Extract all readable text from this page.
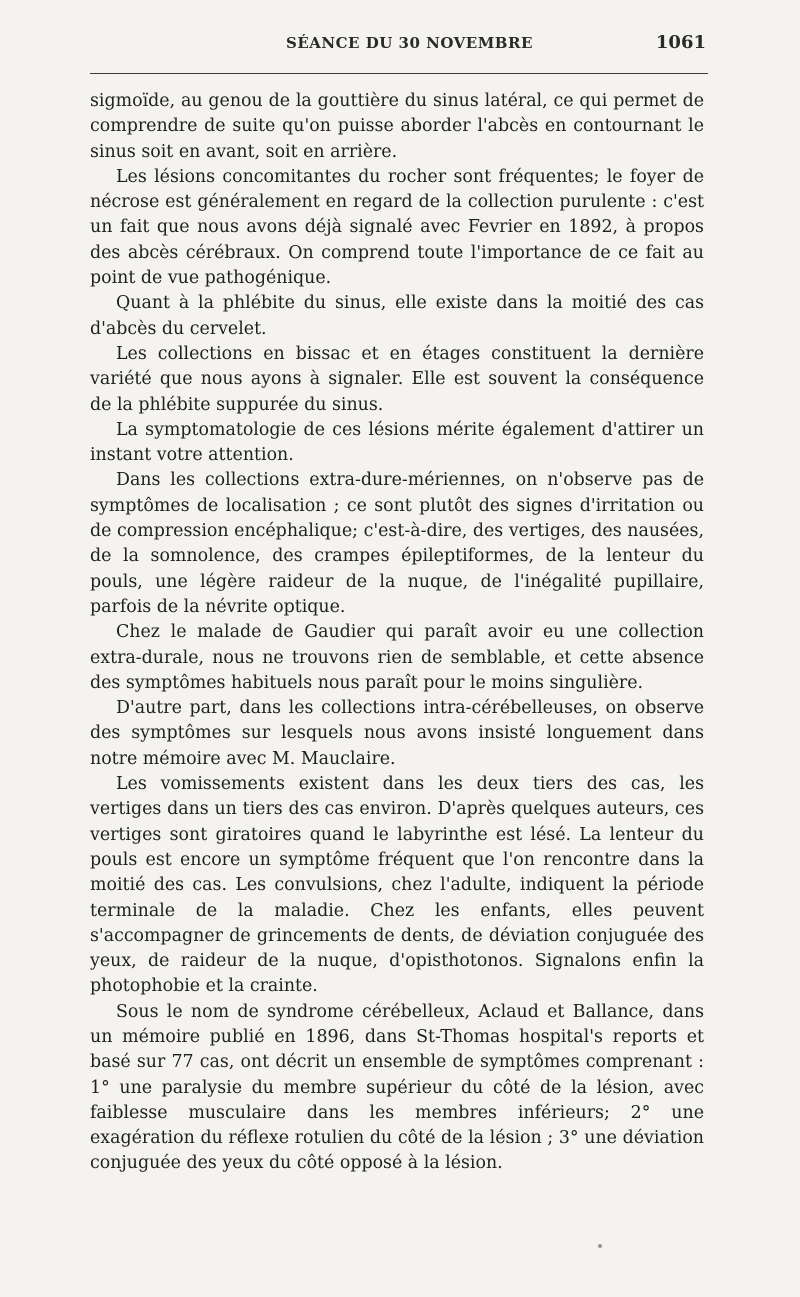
SÉANCE DU 30 NOVEMBRE	1061

sigmoïde, au genou de la gouttière du sinus latéral, ce qui permet de comprendre de suite qu'on puisse aborder l'abcès en contournant le sinus soit en avant, soit en arrière.

Les lésions concomitantes du rocher sont fréquentes; le foyer de nécrose est généralement en regard de la collection purulente : c'est un fait que nous avons déjà signalé avec Fevrier en 1892, à propos des abcès cérébraux. On comprend toute l'importance de ce fait au point de vue pathogénique.

Quant à la phlébite du sinus, elle existe dans la moitié des cas d'abcès du cervelet.

Les collections en bissac et en étages constituent la dernière variété que nous ayons à signaler. Elle est souvent la conséquence de la phlébite suppurée du sinus.

La symptomatologie de ces lésions mérite également d'attirer un instant votre attention.

Dans les collections extra-dure-mériennes, on n'observe pas de symptômes de localisation ; ce sont plutôt des signes d'irritation ou de compression encéphalique; c'est-à-dire, des vertiges, des nausées, de la somnolence, des crampes épileptiformes, de la lenteur du pouls, une légère raideur de la nuque, de l'inégalité pupillaire, parfois de la névrite optique.

Chez le malade de Gaudier qui paraît avoir eu une collection extra-durale, nous ne trouvons rien de semblable, et cette absence des symptômes habituels nous paraît pour le moins singulière.

D'autre part, dans les collections intra-cérébelleuses, on observe des symptômes sur lesquels nous avons insisté longuement dans notre mémoire avec M. Mauclaire.

Les vomissements existent dans les deux tiers des cas, les vertiges dans un tiers des cas environ. D'après quelques auteurs, ces vertiges sont giratoires quand le labyrinthe est lésé. La lenteur du pouls est encore un symptôme fréquent que l'on rencontre dans la moitié des cas. Les convulsions, chez l'adulte, indiquent la période terminale de la maladie. Chez les enfants, elles peuvent s'accompagner de grincements de dents, de déviation conjuguée des yeux, de raideur de la nuque, d'opisthotonos. Signalons enfin la photophobie et la crainte.

Sous le nom de syndrome cérébelleux, Aclaud et Ballance, dans un mémoire publié en 1896, dans St-Thomas hospital's reports et basé sur 77 cas, ont décrit un ensemble de symptômes comprenant : 1° une paralysie du membre supérieur du côté de la lésion, avec faiblesse musculaire dans les membres inférieurs; 2° une exagération du réflexe rotulien du côté de la lésion ; 3° une déviation conjuguée des yeux du côté opposé à la lésion.
